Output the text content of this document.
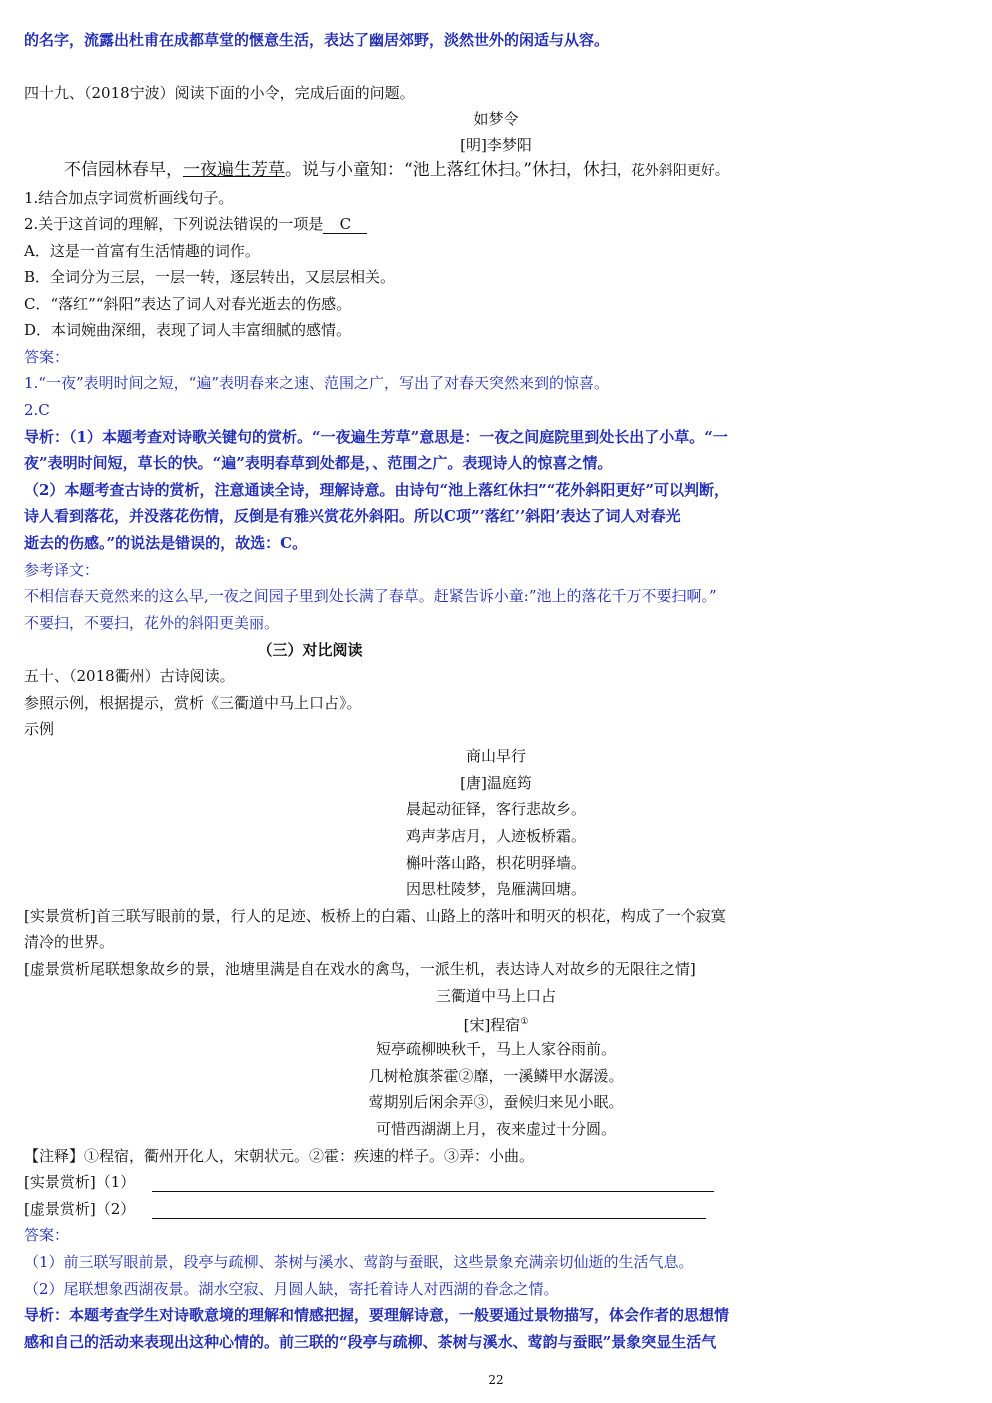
的名字，流露出杜甫在成都草堂的惬意生活，表达了幽居郊野，淡然世外的闲适与从容。
四十九、（2018宁波）阅读下面的小令，完成后面的问题。
如梦令
[明]李梦阳
不信园林春早，一夜遍生芳草。说与小童知：“池上落红休扫。”休扫，休扫，花外斜阳更好。
1.结合加点字词赏析画线句子。
2.关于这首词的理解，下列说法错误的一项是 C
A．这是一首富有生活情趣的词作。
B．全词分为三层，一层一转，逐层转出，又层层相关。
C．“落红”“斜阳”表达了词人对春光逝去的伤感。
D．本词婉曲深细，表现了词人丰富细腻的感情。
答案：
1.“一夜”表明时间之短，“遍”表明春来之速、范围之广，写出了对春天突然来到的惊喜。
2.C
导析：（1）本题考查对诗歌关键句的赏析。“一夜遍生芳草”意思是：一夜之间庭院里到处长出了小草。“一
夜”表明时间短，草长的快。“遍”表明春草到处都是，、范围之广。表现诗人的惊喜之情。
（2）本题考查古诗的赏析，注意通读全诗，理解诗意。由诗句“池上落红休扫”“花外斜阳更好”可以判断，
诗人看到落花，并没落花伤情，反倒是有雅兴赏花外斜阳。所以C项”’落红’’斜阳’表达了词人对春光
逝去的伤感。”的说法是错误的，故选：C。
参考译文：
不相信春天竟然来的这么早,一夜之间园子里到处长满了春草。赶紧告诉小童:”池上的落花千万不要扫啊。”
不要扫，不要扫，花外的斜阳更美丽。
（三）对比阅读
五十、（2018衢州）古诗阅读。
参照示例，根据提示，赏析《三衢道中马上口占》。
示例
商山早行
[唐]温庭筠
晨起动征铎，客行悲故乡。
鸡声茅店月，人迹板桥霜。
槲叶落山路，枳花明驿墙。
因思杜陵梦，凫雁满回塘。
[实景赏析]首三联写眼前的景，行人的足迹、板桥上的白霜、山路上的落叶和明灭的枳花，构成了一个寂寞
清冷的世界。
[虚景赏析尾联想象故乡的景，池塘里满是自在戏水的禽鸟，一派生机，表达诗人对故乡的无限往之情]
三衢道中马上口占
[宋]程宿①
短亭疏柳映秋千，马上人家谷雨前。
几树枪旗茶霍②靡，一溪鳞甲水潺湲。
莺期别后闲余弄③，蚕候归来见小眠。
可惜西湖湖上月，夜来虚过十分圆。
【注释】①程宿，衢州开化人，宋朝状元。②霍：疾速的样子。③弄：小曲。
[实景赏析]（1）
[虚景赏析]（2）
答案：
（1）前三联写眼前景，段亭与疏柳、茶树与溪水、莺韵与蚕眠，这些景象充满亲切仙逝的生活气息。
（2）尾联想象西湖夜景。湖水空寂、月圆人缺，寄托着诗人对西湖的眷念之情。
导析：本题考查学生对诗歌意境的理解和情感把握，要理解诗意，一般要通过景物描写，体会作者的思想情
感和自己的活动来表现出这种心情的。前三联的“段亭与疏柳、茶树与溪水、莺韵与蚕眠”景象突显生活气
22
